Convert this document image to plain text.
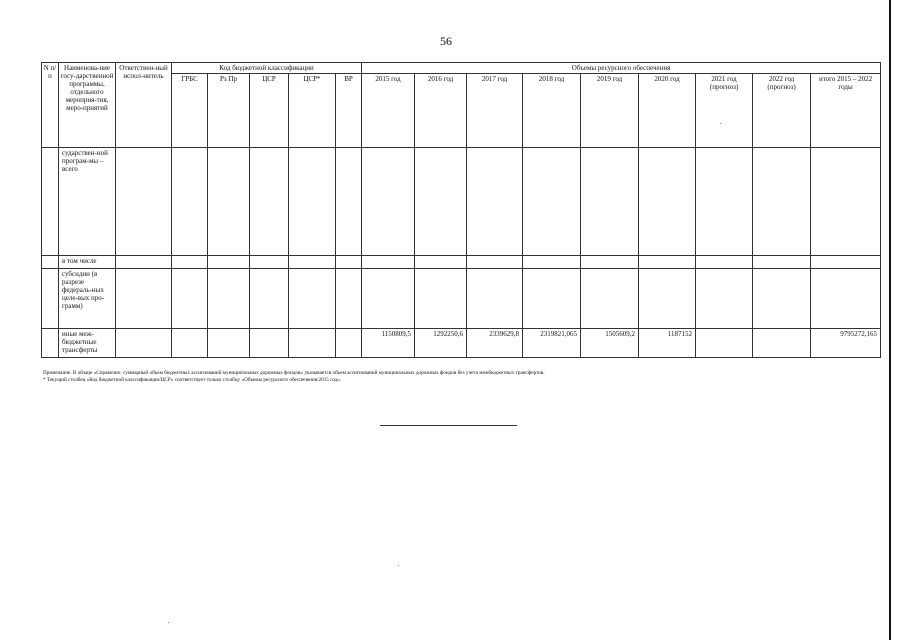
56
N п/п	Наименова-ние госу-дарственной программы, отдельного мероприя-тия, меро-приятий	Ответствен-ный испол-нитель	Код бюджетной классификации					Объемы ресурсного обеспечения								
			ГРБС	Рз Пр	ЦСР	ЦСР*	ВР	2015 год	2016 год	2017 год	2018 год	2019 год	2020 год	2021 год (прогноз)	2022 год (прогноз)	итого 2015 – 2022 годы
	сударствен-ной програм-мы – всего															
	в том числе															
	субсидии (в разрезе федераль-ных целе-вых про-грамм)															
	иные меж-бюджетные трансферты							1150809,5	1292250,6	2339629,8	2319821,065	1505609,2	1187152			9795272,165
Примечание. В обзаце «Справочно: суммарный объем бюджетных ассигнований муниципальных дорожных фондов» указывается объем ассигнований муниципальных дорожных фондов без учета межбюджетных трансфертов.
* Текущий столбец «Код бюджетной классификации/ЦСР» соответствует только столбцу «Объемы ресурсного обеспечения/2015 год».
